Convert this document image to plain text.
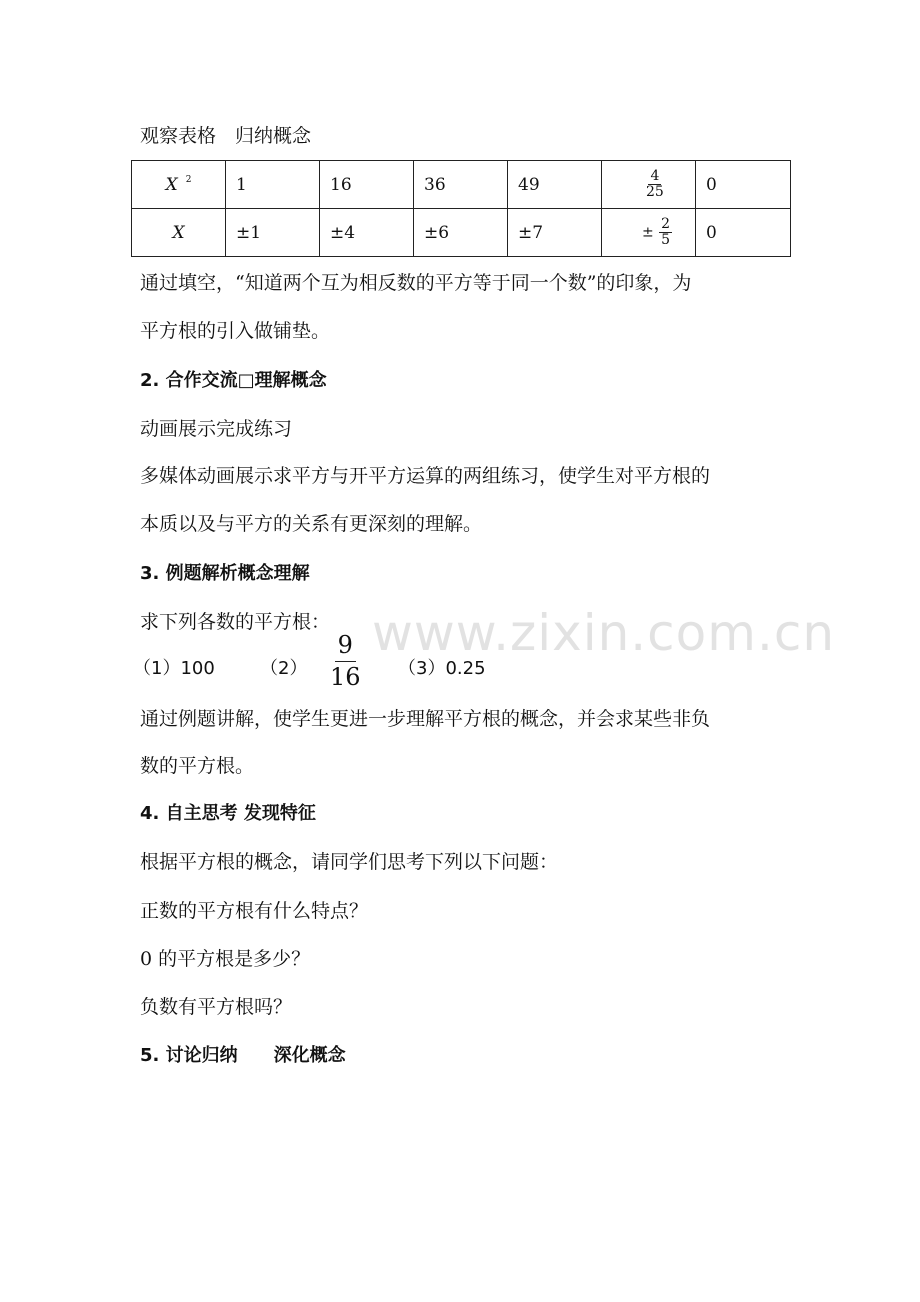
www.zixin.com.cn
观察表格　归纳概念
X $^2$	1	16	36	49	$\frac{4}{25}$	0
X	±1	±4	±6	±7	± $\frac{2}{5}$	0
通过填空，“知道两个互为相反数的平方等于同一个数”的印象，为
平方根的引入做铺垫。
2. 合作交流□理解概念
动画展示完成练习
多媒体动画展示求平方与开平方运算的两组练习，使学生对平方根的
本质以及与平方的关系有更深刻的理解。
3. 例题解析概念理解
求下列各数的平方根：
（1）100	$(2) \frac{9}{16} (3)0.25$
通过例题讲解，使学生更进一步理解平方根的概念，并会求某些非负
数的平方根。
4. 自主思考 发现特征
根据平方根的概念，请同学们思考下列以下问题：
正数的平方根有什么特点？
0 的平方根是多少？
负数有平方根吗？
5. 讨论归纳　　深化概念
